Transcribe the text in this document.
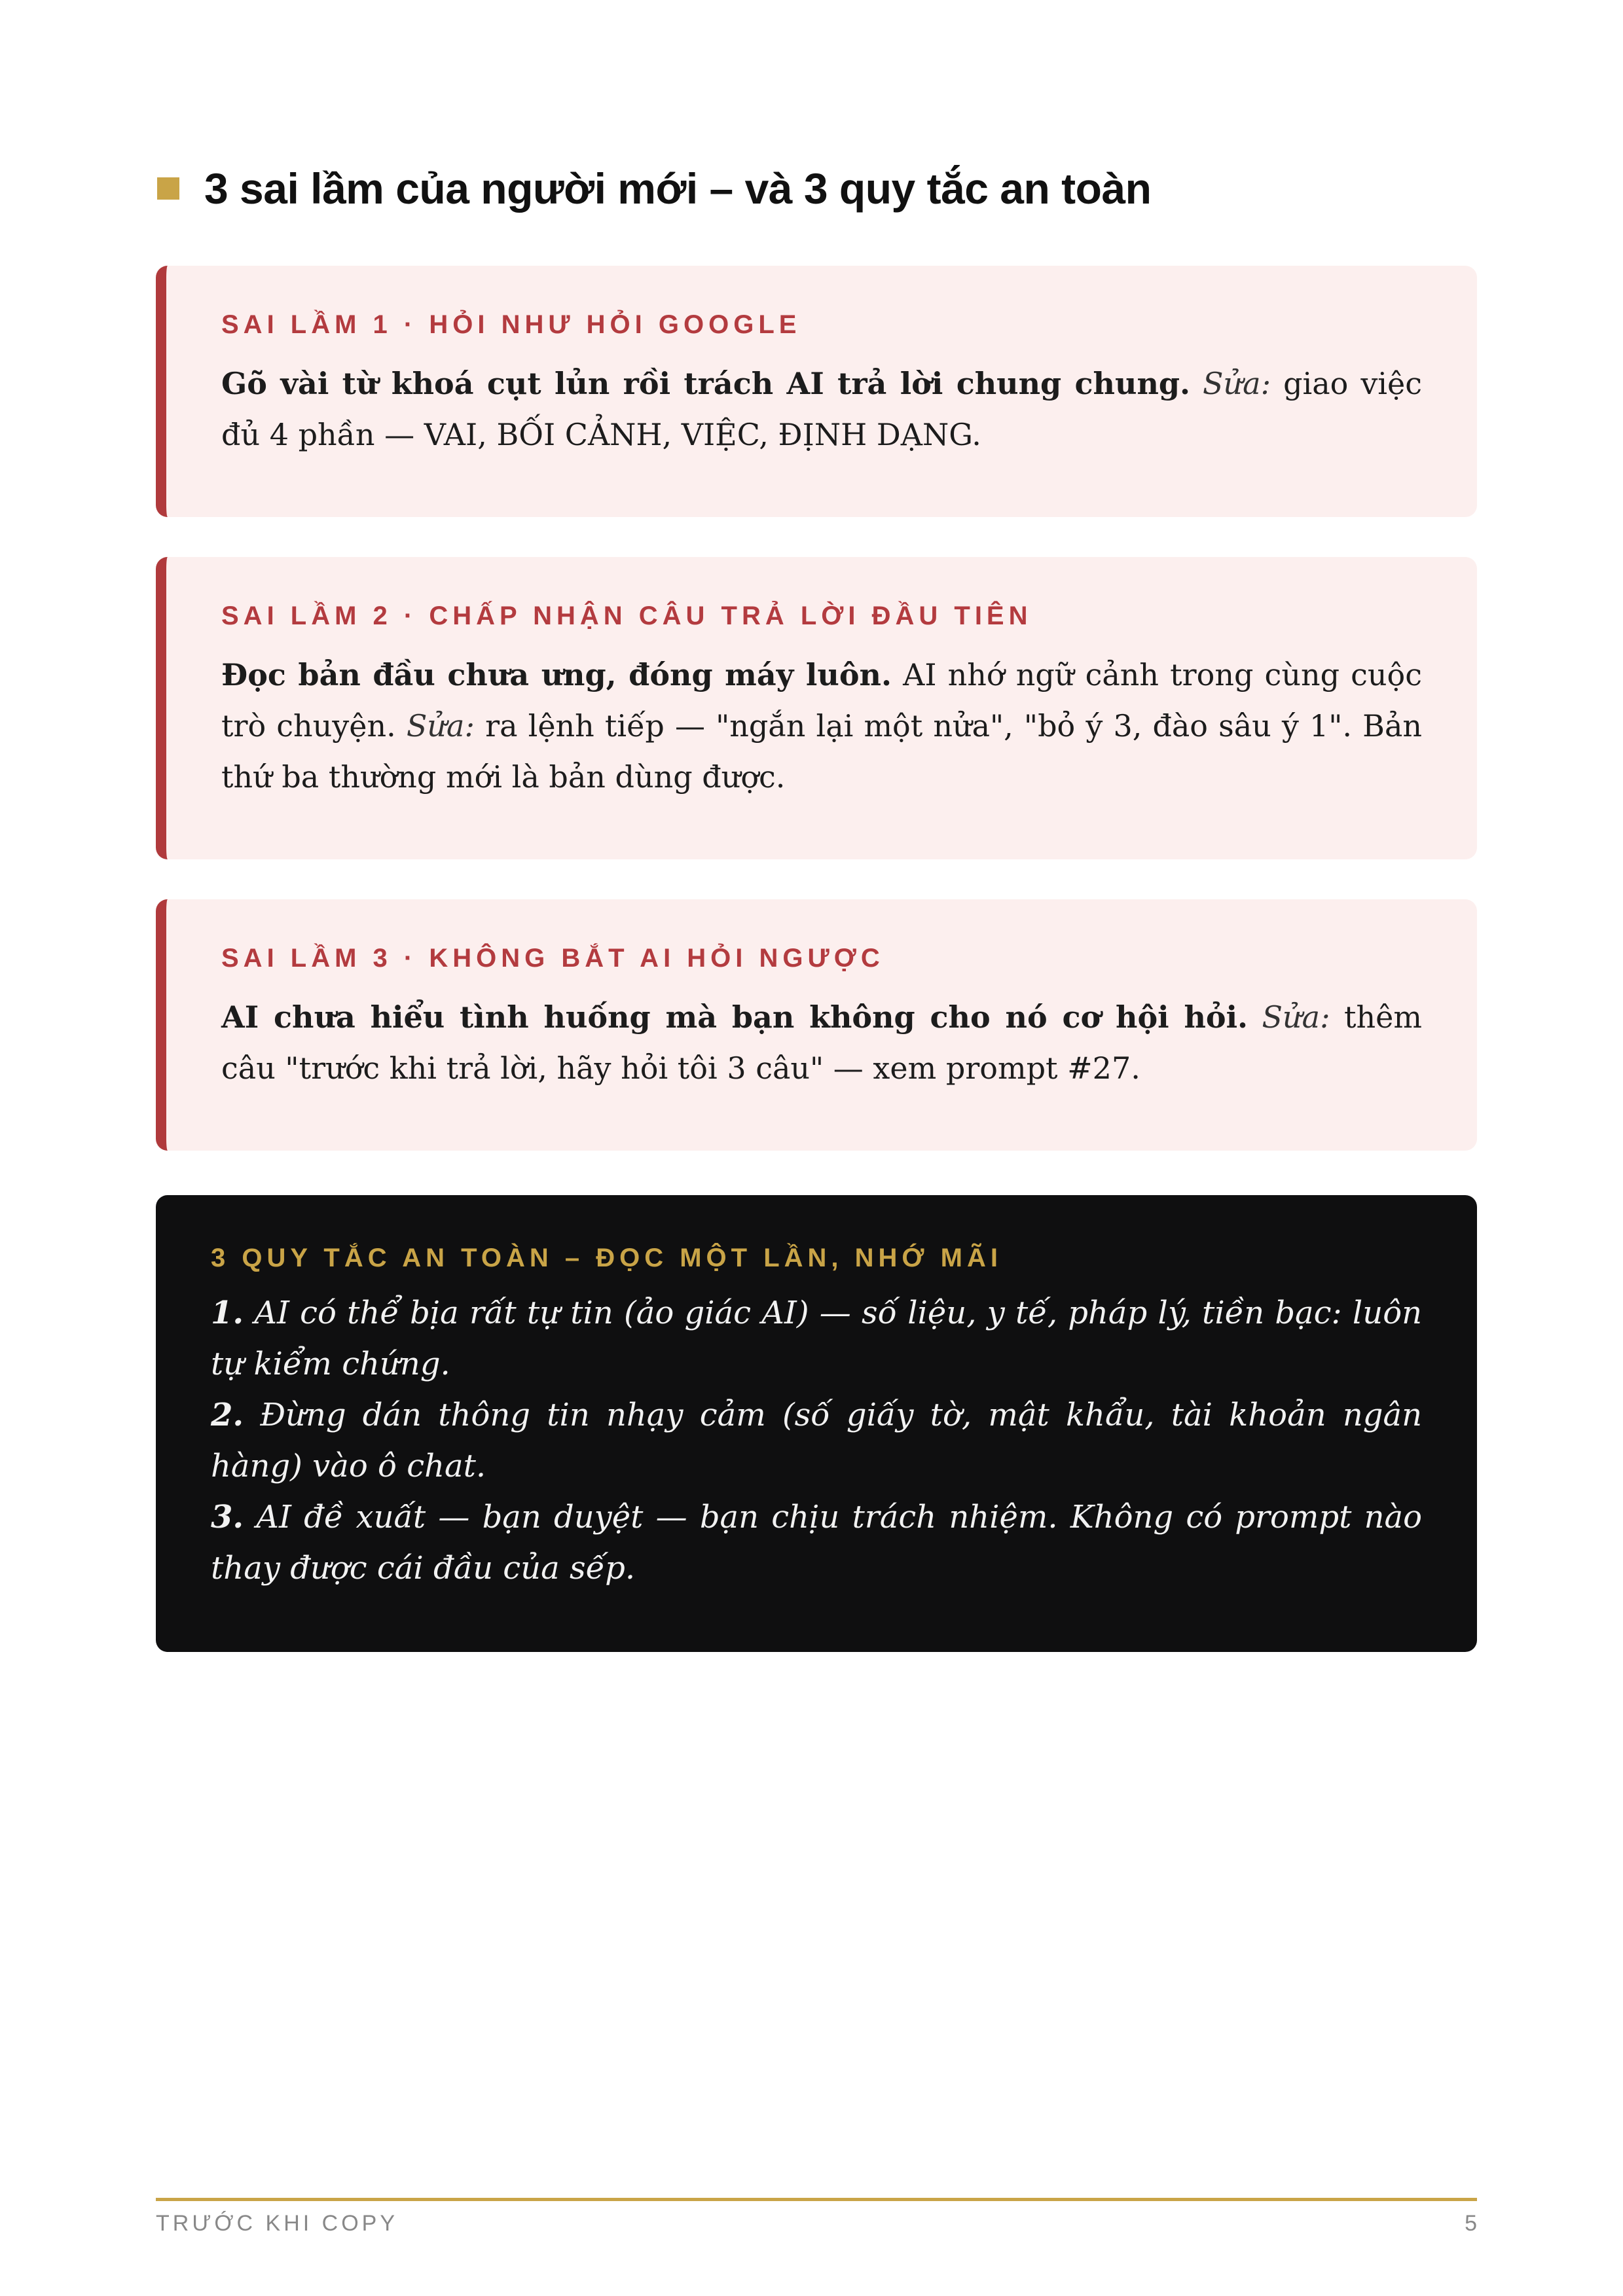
3 sai lầm của người mới – và 3 quy tắc an toàn
SAI LẦM 1 · HỎI NHƯ HỎI GOOGLE
Gõ vài từ khoá cụt lủn rồi trách AI trả lời chung chung. Sửa: giao việc đủ 4 phần — VAI, BỐI CẢNH, VIỆC, ĐỊNH DẠNG.
SAI LẦM 2 · CHẤP NHẬN CÂU TRẢ LỜI ĐẦU TIÊN
Đọc bản đầu chưa ưng, đóng máy luôn. AI nhớ ngữ cảnh trong cùng cuộc trò chuyện. Sửa: ra lệnh tiếp — "ngắn lại một nửa", "bỏ ý 3, đào sâu ý 1". Bản thứ ba thường mới là bản dùng được.
SAI LẦM 3 · KHÔNG BẮT AI HỎI NGƯỢC
AI chưa hiểu tình huống mà bạn không cho nó cơ hội hỏi. Sửa: thêm câu "trước khi trả lời, hãy hỏi tôi 3 câu" — xem prompt #27.
3 QUY TẮC AN TOÀN – ĐỌC MỘT LẦN, NHỚ MÃI
1. AI có thể bịa rất tự tin (ảo giác AI) — số liệu, y tế, pháp lý, tiền bạc: luôn tự kiểm chứng.
2. Đừng dán thông tin nhạy cảm (số giấy tờ, mật khẩu, tài khoản ngân hàng) vào ô chat.
3. AI đề xuất — bạn duyệt — bạn chịu trách nhiệm. Không có prompt nào thay được cái đầu của sếp.
TRƯỚC KHI COPY	5
